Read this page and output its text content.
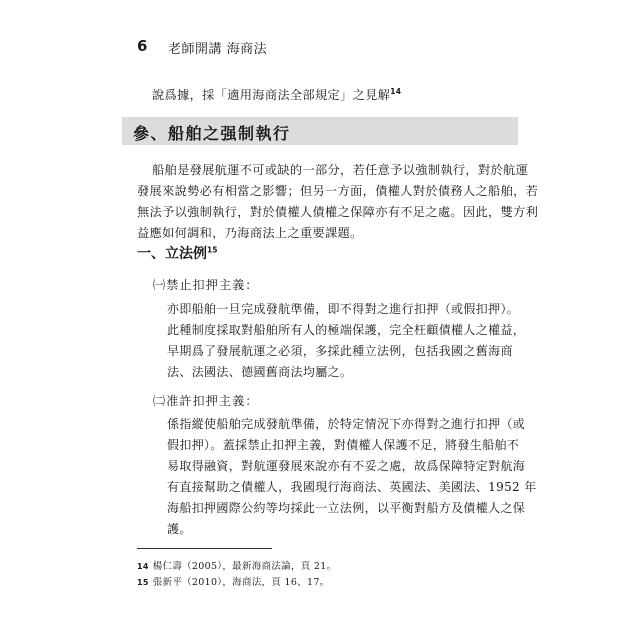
6 老師開講 海商法
說爲據，採「適用海商法全部規定」之見解$^{14}$
參、船舶之强制執行
船舶是發展航運不可或缺的一部分，若任意予以強制執行，對於航運
發展來說勢必有相當之影響；但另一方面，債權人對於債務人之船舶，若
無法予以強制執行，對於債權人債權之保障亦有不足之處。因此，雙方利
益應如何調和，乃海商法上之重要課題。
一、立法例$^{15}$
㈠禁止扣押主義：
亦即船舶一旦完成發航準備，即不得對之進行扣押（或假扣押）。
此種制度採取對船舶所有人的極端保護，完全枉顧債權人之權益，
早期爲了發展航運之必須，多採此種立法例，包括我國之舊海商
法、法國法、德國舊商法均屬之。
㈡准許扣押主義：
係指縱使船舶完成發航準備，於特定情況下亦得對之進行扣押（或
假扣押）。蓋採禁止扣押主義，對債權人保護不足，將發生船舶不
易取得融資，對航運發展來說亦有不妥之處，故爲保障特定對航海
有直接幫助之債權人，我國現行海商法、英國法、美國法、1952 年
海船扣押國際公約等均採此一立法例，以平衡對船方及債權人之保
護。
14 楊仁壽（2005），最新海商法論，頁 21。
15 張新平（2010），海商法，頁 16、17。
